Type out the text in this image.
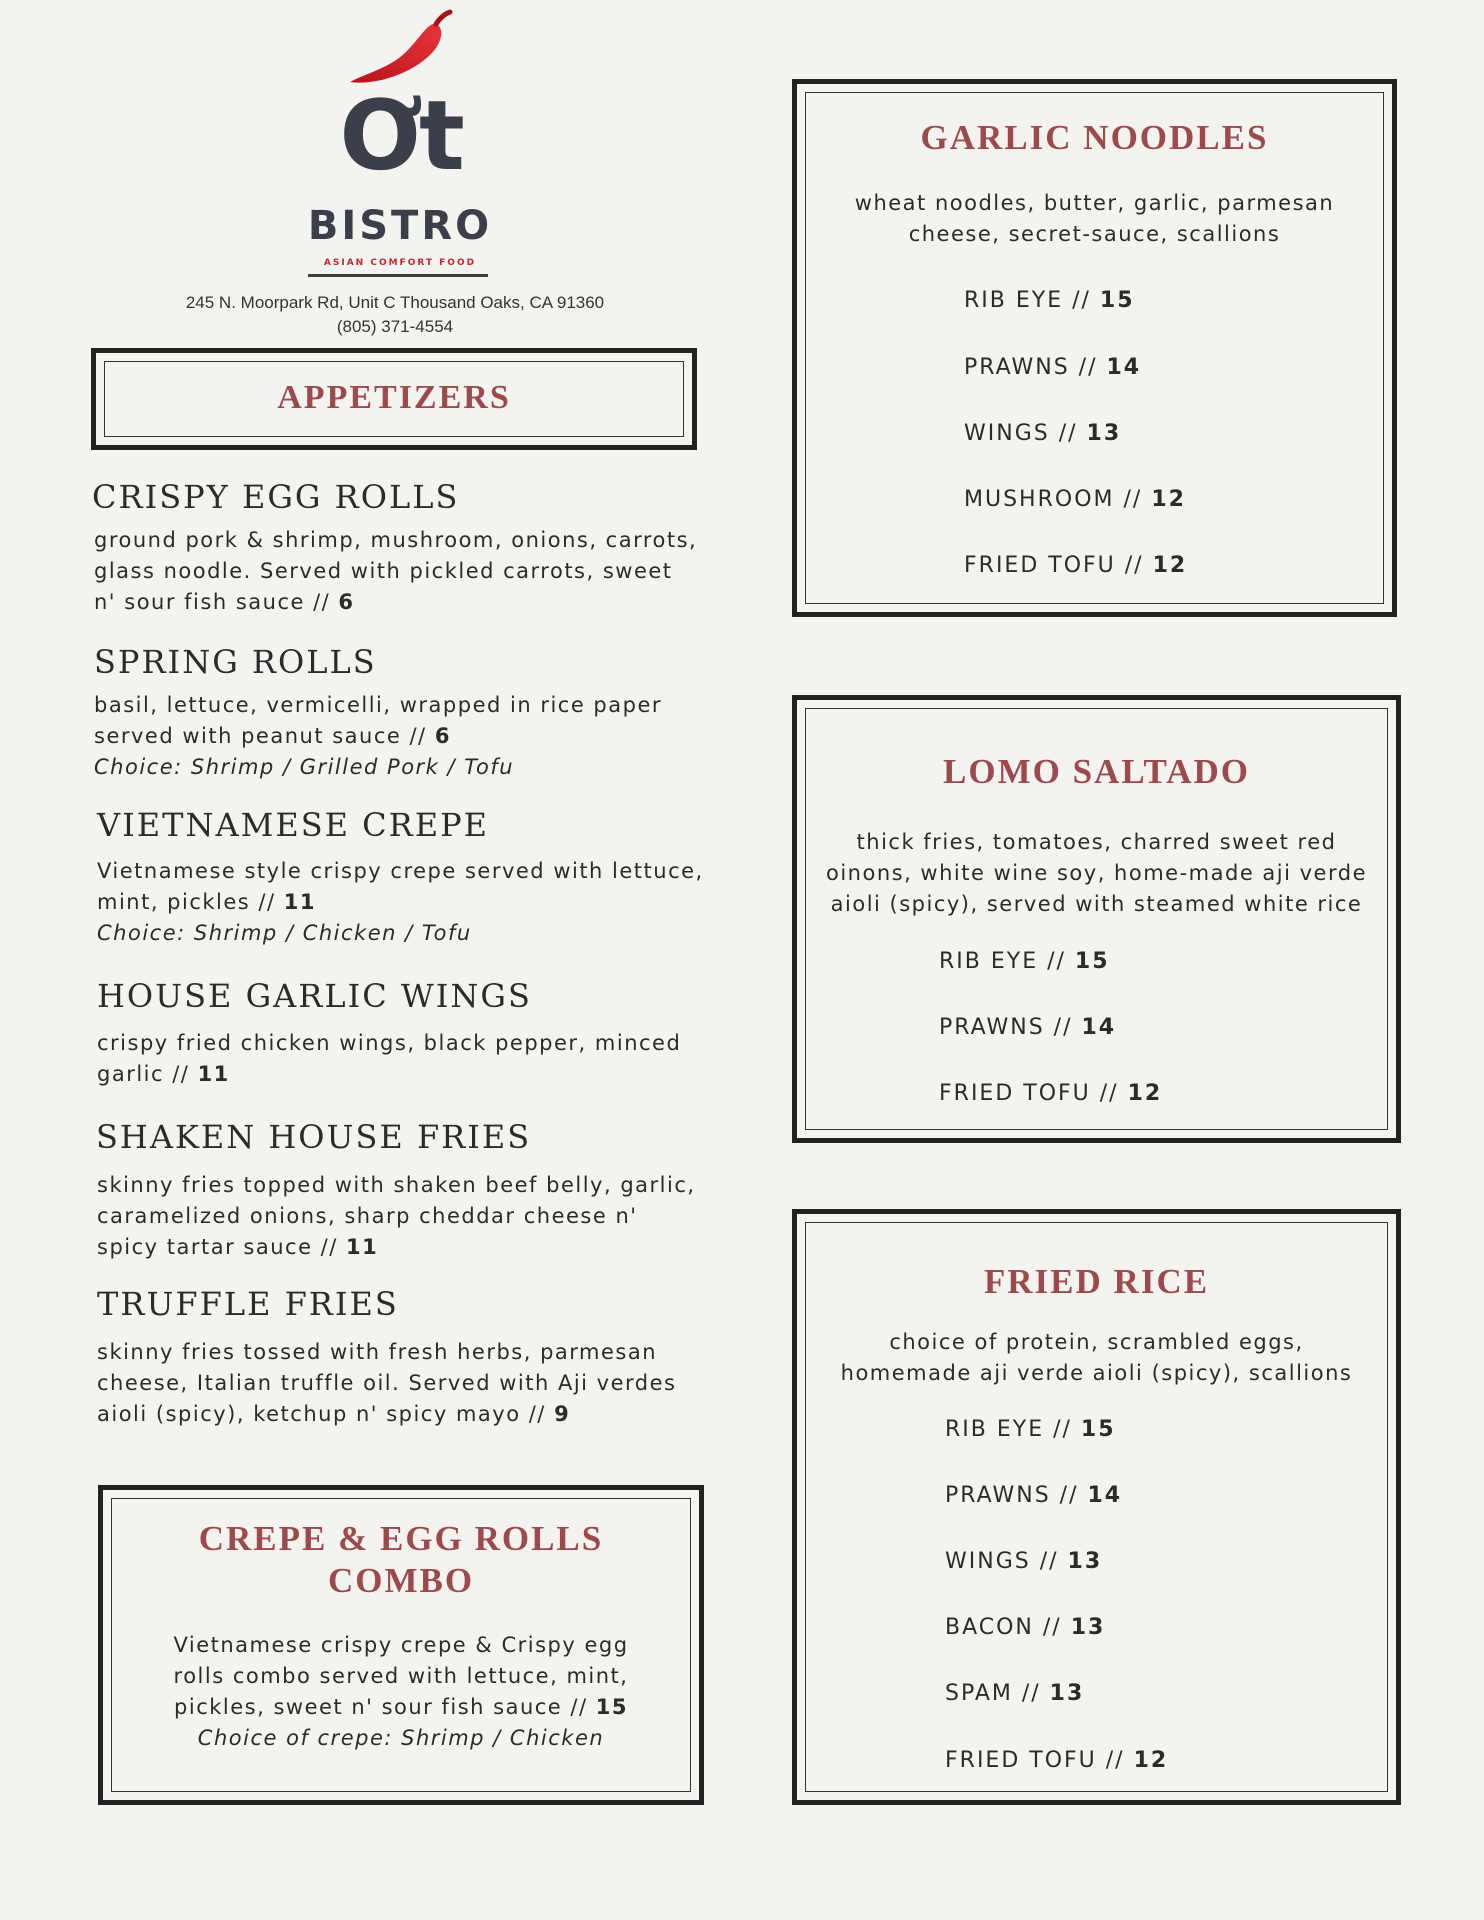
Ơt
BISTRO
ASIAN COMFORT FOOD
245 N. Moorpark Rd, Unit C Thousand Oaks, CA 91360
(805) 371-4554
APPETIZERS
CRISPY EGG ROLLS
ground pork & shrimp, mushroom, onions, carrots,
glass noodle. Served with pickled carrots, sweet
n' sour fish sauce // 6
SPRING ROLLS
basil, lettuce, vermicelli, wrapped in rice paper
served with peanut sauce // 6
Choice: Shrimp / Grilled Pork / Tofu
VIETNAMESE CREPE
Vietnamese style crispy crepe served with lettuce,
mint, pickles // 11
Choice: Shrimp / Chicken / Tofu
HOUSE GARLIC WINGS
crispy fried chicken wings, black pepper, minced
garlic // 11
SHAKEN HOUSE FRIES
skinny fries topped with shaken beef belly, garlic,
caramelized onions, sharp cheddar cheese n'
spicy tartar sauce // 11
TRUFFLE FRIES
skinny fries tossed with fresh herbs, parmesan
cheese, Italian truffle oil. Served with Aji verdes
aioli (spicy), ketchup n' spicy mayo // 9
CREPE & EGG ROLLS
COMBO
Vietnamese crispy crepe & Crispy egg
rolls combo served with lettuce, mint,
pickles, sweet n' sour fish sauce // 15
Choice of crepe: Shrimp / Chicken
GARLIC NOODLES
wheat noodles, butter, garlic, parmesan
cheese, secret-sauce, scallions
RIB EYE // 15
PRAWNS // 14
WINGS // 13
MUSHROOM // 12
FRIED TOFU // 12
LOMO SALTADO
thick fries, tomatoes, charred sweet red
oinons, white wine soy, home-made aji verde
aioli (spicy), served with steamed white rice
RIB EYE // 15
PRAWNS // 14
FRIED TOFU // 12
FRIED RICE
choice of protein, scrambled eggs,
homemade aji verde aioli (spicy), scallions
RIB EYE // 15
PRAWNS // 14
WINGS // 13
BACON // 13
SPAM // 13
FRIED TOFU // 12
